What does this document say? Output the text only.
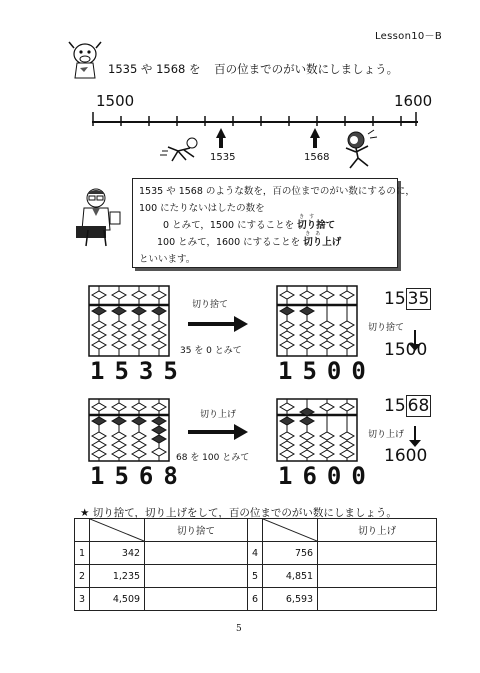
Lesson10－B
1535 や 1568 を 百の位までのがい数にしましょう。
1500	1600
1535	1568
1535 や 1568 のような数を，百の位までのがい数にするのに，
100 にたりないはしたの数を
0 とみて，1500 にすることを
き　す
切り捨て
100 とみて，1600 にすることを
き　あ
切り上げ
といいます。
1535
切り捨て
35 を 0 とみて
1500
15 35
切り捨て
1500
1568
切り上げ
68 を 100 とみて
1600
15 68
切り上げ
1600
★ 切り捨て，切り上げをして，百の位までのがい数にしましょう。

	切り捨て			切り上げ
1	342		4	756	
2	1,235		5	4,851	
3	4,509		6	6,593	
5
